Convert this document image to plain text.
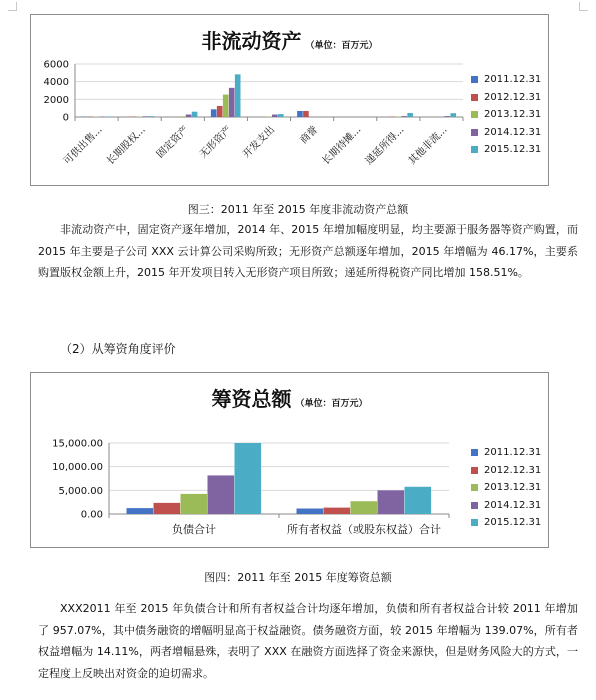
非流动资产 （单位：百万元）
0
2000
4000
6000
可供出售... 长期股权... 固定资产 无形资产 开发支出 商誉 长期待摊... 递延所得... 其他非流...
2011.12.31
2012.12.31
2013.12.31
2014.12.31
2015.12.31
图三：2011 年至 2015 年度非流动资产总额

非流动资产中，固定资产逐年增加，2014 年、2015 年增加幅度明显，均主要源于服务器等资产购置，而 2015 年主要是子公司 XXX 云计算公司采购所致；无形资产总额逐年增加，2015 年增幅为 46.17%，主要系购置版权金额上升，2015 年开发项目转入无形资产项目所致；递延所得税资产同比增加 158.51%。

（2）从筹资角度评价
筹资总额 （单位：百万元）
0.00
5,000.00
10,000.00
15,000.00
负债合计	所有者权益（或股东权益）合计
2011.12.31
2012.12.31
2013.12.31
2014.12.31
2015.12.31
图四：2011 年至 2015 年度筹资总额

XXX2011 年至 2015 年负债合计和所有者权益合计均逐年增加，负债和所有者权益合计较 2011 年增加了 957.07%，其中债务融资的增幅明显高于权益融资。债务融资方面，较 2015 年增幅为 139.07%，所有者权益增幅为 14.11%，两者增幅悬殊，表明了 XXX 在融资方面选择了资金来源快，但是财务风险大的方式，一定程度上反映出对资金的迫切需求。
